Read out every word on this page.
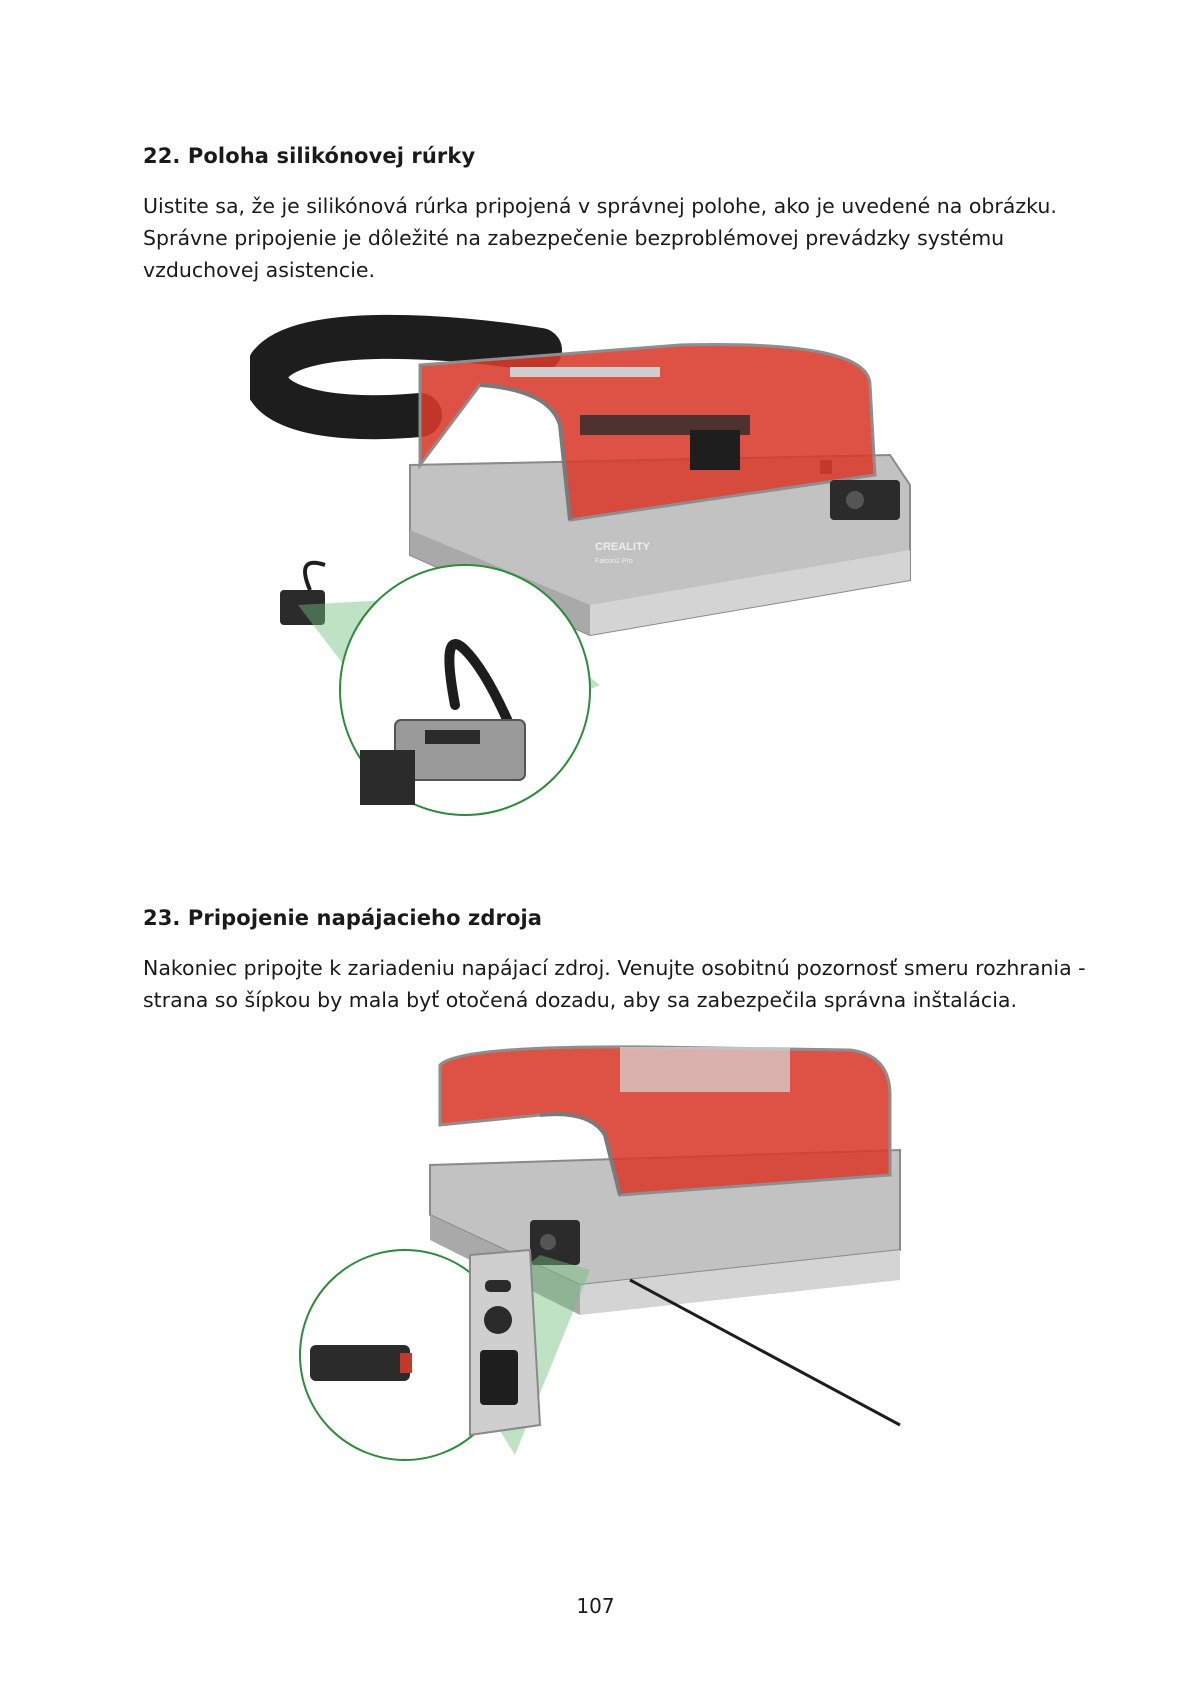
22. Poloha silikónovej rúrky
Uistite sa, že je silikónová rúrka pripojená v správnej polohe, ako je uvedené na obrázku.
Správne pripojenie je dôležité na zabezpečenie bezproblémovej prevádzky systému
vzduchovej asistencie.
CREALITY
Falcon2 Pro
23. Pripojenie napájacieho zdroja
Nakoniec pripojte k zariadeniu napájací zdroj. Venujte osobitnú pozornosť smeru rozhrania -
strana so šípkou by mala byť otočená dozadu, aby sa zabezpečila správna inštalácia.
107
